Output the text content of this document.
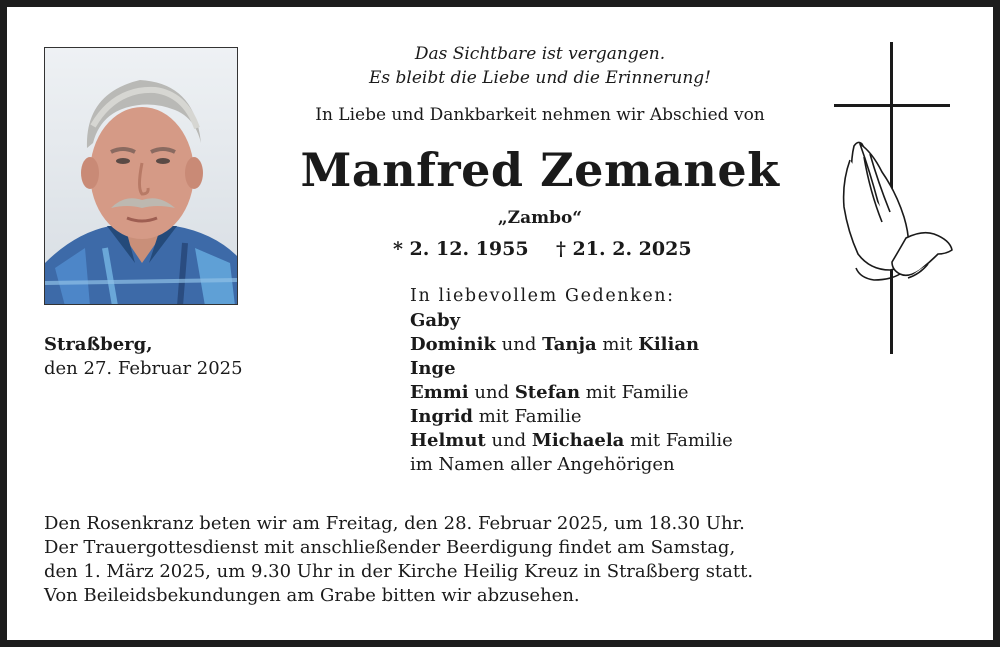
Das Sichtbare ist vergangen.
Es bleibt die Liebe und die Erinnerung!
In Liebe und Dankbarkeit nehmen wir Abschied von
Manfred Zemanek
„Zambo“
* 2. 12. 1955 † 21. 2. 2025
Straßberg,
den 27. Februar 2025
In liebevollem Gedenken:
Gaby
Dominik und Tanja mit Kilian
Inge
Emmi und Stefan mit Familie
Ingrid mit Familie
Helmut und Michaela mit Familie
im Namen aller Angehörigen
Den Rosenkranz beten wir am Freitag, den 28. Februar 2025, um 18.30 Uhr.
Der Trauergottesdienst mit anschließender Beerdigung findet am Samstag,
den 1. März 2025, um 9.30 Uhr in der Kirche Heilig Kreuz in Straßberg statt.
Von Beileidsbekundungen am Grabe bitten wir abzusehen.
